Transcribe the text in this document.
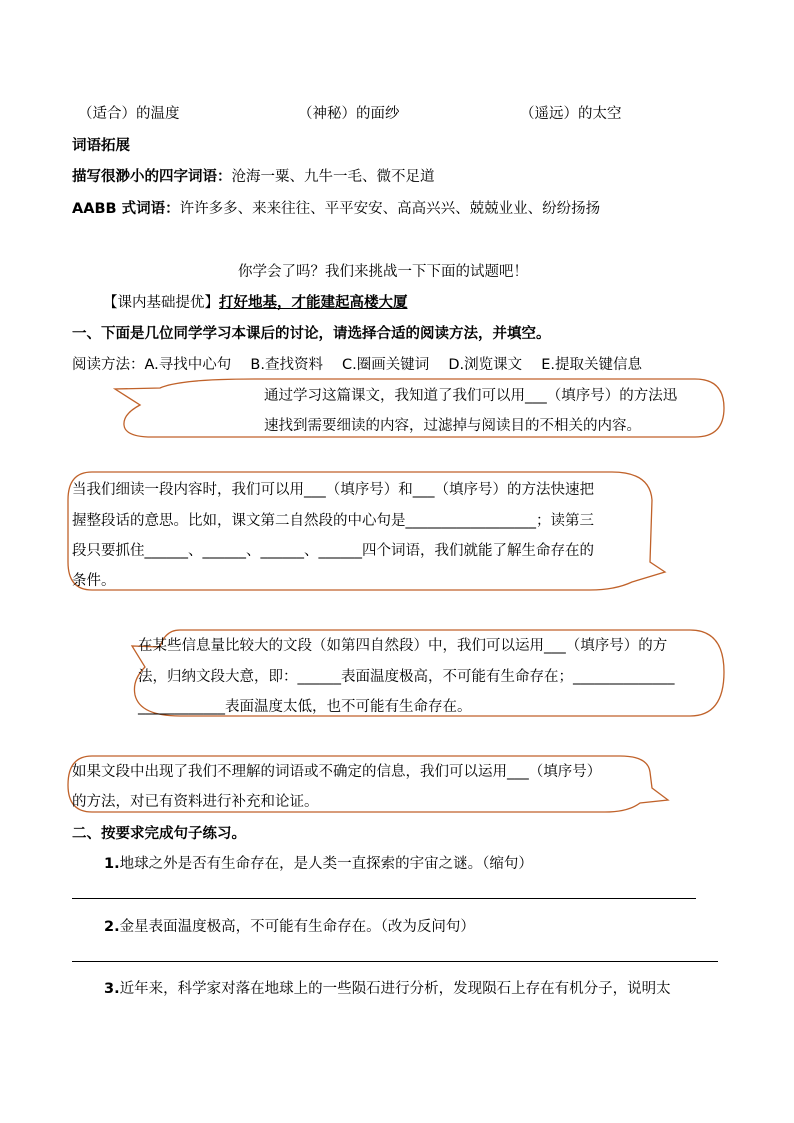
（适合）的温度	（神秘）的面纱	（遥远）的太空
词语拓展
描写很渺小的四字词语：沧海一粟、九牛一毛、微不足道
AABB 式词语：许许多多、来来往往、平平安安、高高兴兴、兢兢业业、纷纷扬扬
你学会了吗？我们来挑战一下下面的试题吧！
【课内基础提优】打好地基，才能建起高楼大厦
一、下面是几位同学学习本课后的讨论，请选择合适的阅读方法，并填空。
阅读方法：A.寻找中心句　 B.查找资料　 C.圈画关键词　 D.浏览课文　 E.提取关键信息
通过学习这篇课文，我知道了我们可以用___（填序号）的方法迅
速找到需要细读的内容，过滤掉与阅读目的不相关的内容。
当我们细读一段内容时，我们可以用___（填序号）和___（填序号）的方法快速把
握整段话的意思。比如，课文第二自然段的中心句是__________________；读第三
段只要抓住______、______、______、______四个词语，我们就能了解生命存在的
条件。
在某些信息量比较大的文段（如第四自然段）中，我们可以运用___（填序号）的方
法，归纳文段大意，即：______表面温度极高，不可能有生命存在；______________
____________表面温度太低，也不可能有生命存在。
如果文段中出现了我们不理解的词语或不确定的信息，我们可以运用___（填序号）
的方法，对已有资料进行补充和论证。
二、按要求完成句子练习。
1.地球之外是否有生命存在，是人类一直探索的宇宙之谜。（缩句）
2.金星表面温度极高，不可能有生命存在。（改为反问句）
3.近年来，科学家对落在地球上的一些陨石进行分析，发现陨石上存在有机分子，说明太
